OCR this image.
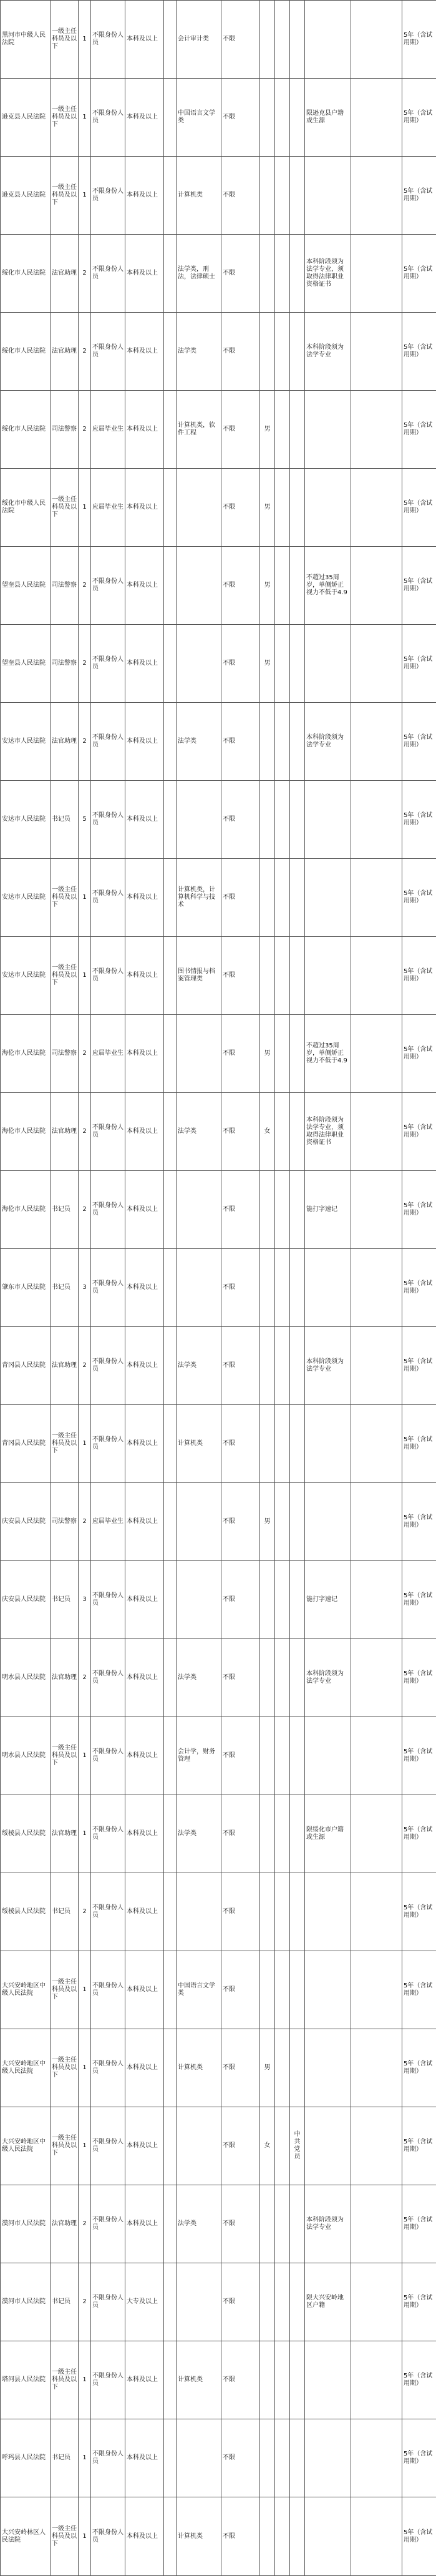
黑河市中级人民法院	一级主任科员及以下	1	不限身份人员	本科及以上		会计审计类	不限						5年（含试用期）
逊克县人民法院	一级主任科员及以下	1	不限身份人员	本科及以上		中国语言文学类	不限				限逊克县户籍或生源		5年（含试用期）
逊克县人民法院	一级主任科员及以下	1	不限身份人员	本科及以上		计算机类	不限						5年（含试用期）
绥化市人民法院	法官助理	2	不限身份人员	本科及以上		法学类，刑法，法律硕士	不限				本科阶段须为法学专业，须取得法律职业资格证书		5年（含试用期）
绥化市人民法院	法官助理	2	不限身份人员	本科及以上		法学类	不限				本科阶段须为法学专业		5年（含试用期）
绥化市人民法院	司法警察	2	应届毕业生	本科及以上		计算机类，软件工程	不限	男					5年（含试用期）
绥化市中级人民法院	一级主任科员及以下	1	应届毕业生	本科及以上			不限	男					5年（含试用期）
望奎县人民法院	司法警察	2	不限身份人员	本科及以上			不限	男			不超过35周岁，单侧矫正视力不低于4.9		5年（含试用期）
望奎县人民法院	司法警察	2	不限身份人员	本科及以上			不限	男					5年（含试用期）
安达市人民法院	法官助理	2	不限身份人员	本科及以上		法学类	不限				本科阶段须为法学专业		5年（含试用期）
安达市人民法院	书记员	5	不限身份人员	本科及以上			不限						5年（含试用期）
安达市人民法院	一级主任科员及以下	1	不限身份人员	本科及以上		计算机类，计算机科学与技术	不限						5年（含试用期）
安达市人民法院	一级主任科员及以下	1	不限身份人员	本科及以上		图书情报与档案管理类	不限						5年（含试用期）
海伦市人民法院	司法警察	2	应届毕业生	本科及以上			不限	男			不超过35周岁，单侧矫正视力不低于4.9		5年（含试用期）
海伦市人民法院	法官助理	2	不限身份人员	本科及以上		法学类	不限	女			本科阶段须为法学专业，须取得法律职业资格证书		5年（含试用期）
海伦市人民法院	书记员	2	不限身份人员	本科及以上			不限				能打字速记		5年（含试用期）
肇东市人民法院	书记员	3	不限身份人员	本科及以上			不限						5年（含试用期）
青冈县人民法院	法官助理	2	不限身份人员	本科及以上		法学类	不限				本科阶段须为法学专业		5年（含试用期）
青冈县人民法院	一级主任科员及以下	1	不限身份人员	本科及以上		计算机类	不限						5年（含试用期）
庆安县人民法院	司法警察	2	应届毕业生	本科及以上			不限	男					5年（含试用期）
庆安县人民法院	书记员	3	不限身份人员	本科及以上			不限				能打字速记		5年（含试用期）
明水县人民法院	法官助理	2	不限身份人员	本科及以上		法学类	不限				本科阶段须为法学专业		5年（含试用期）
明水县人民法院	一级主任科员及以下	1	不限身份人员	本科及以上		会计学，财务管理	不限						5年（含试用期）
绥棱县人民法院	法官助理	1	不限身份人员	本科及以上		法学类	不限				限绥化市户籍或生源		5年（含试用期）
绥棱县人民法院	书记员	2	不限身份人员	本科及以上			不限						5年（含试用期）
大兴安岭地区中级人民法院	一级主任科员及以下	1	不限身份人员	本科及以上		中国语言文学类	不限						5年（含试用期）
大兴安岭地区中级人民法院	一级主任科员及以下	1	不限身份人员	本科及以上		计算机类	不限	男					5年（含试用期）
大兴安岭地区中级人民法院	一级主任科员及以下	1	不限身份人员	本科及以上			不限	女		中共党员			5年（含试用期）
漠河市人民法院	法官助理	2	不限身份人员	本科及以上		法学类	不限				本科阶段须为法学专业		5年（含试用期）
漠河市人民法院	书记员	2	不限身份人员	大专及以上			不限				限大兴安岭地区户籍		5年（含试用期）
塔河县人民法院	一级主任科员及以下	1	不限身份人员	本科及以上		计算机类	不限						5年（含试用期）
呼玛县人民法院	书记员	1	不限身份人员	本科及以上			不限						5年（含试用期）
大兴安岭林区人民法院	一级主任科员及以下	1	不限身份人员	本科及以上		计算机类	不限						5年（含试用期）
